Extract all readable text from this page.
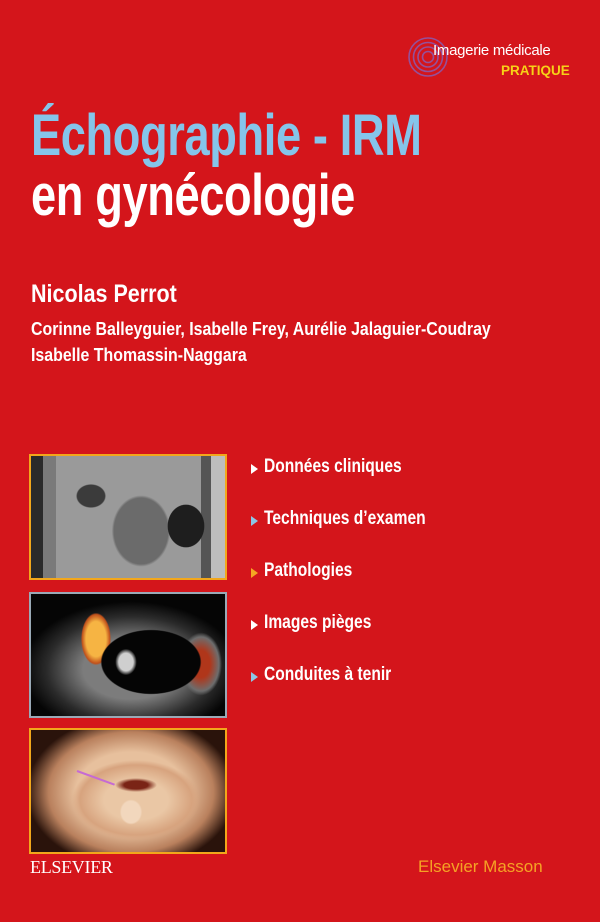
Imagerie médicale
PRATIQUE
Échographie - IRM
en gynécologie
Nicolas Perrot
Corinne Balleyguier, Isabelle Frey, Aurélie Jalaguier-Coudray
Isabelle Thomassin-Naggara
Données cliniques
Techniques d’examen
Pathologies
Images pièges
Conduites à tenir
ELSEVIER	Elsevier Masson
